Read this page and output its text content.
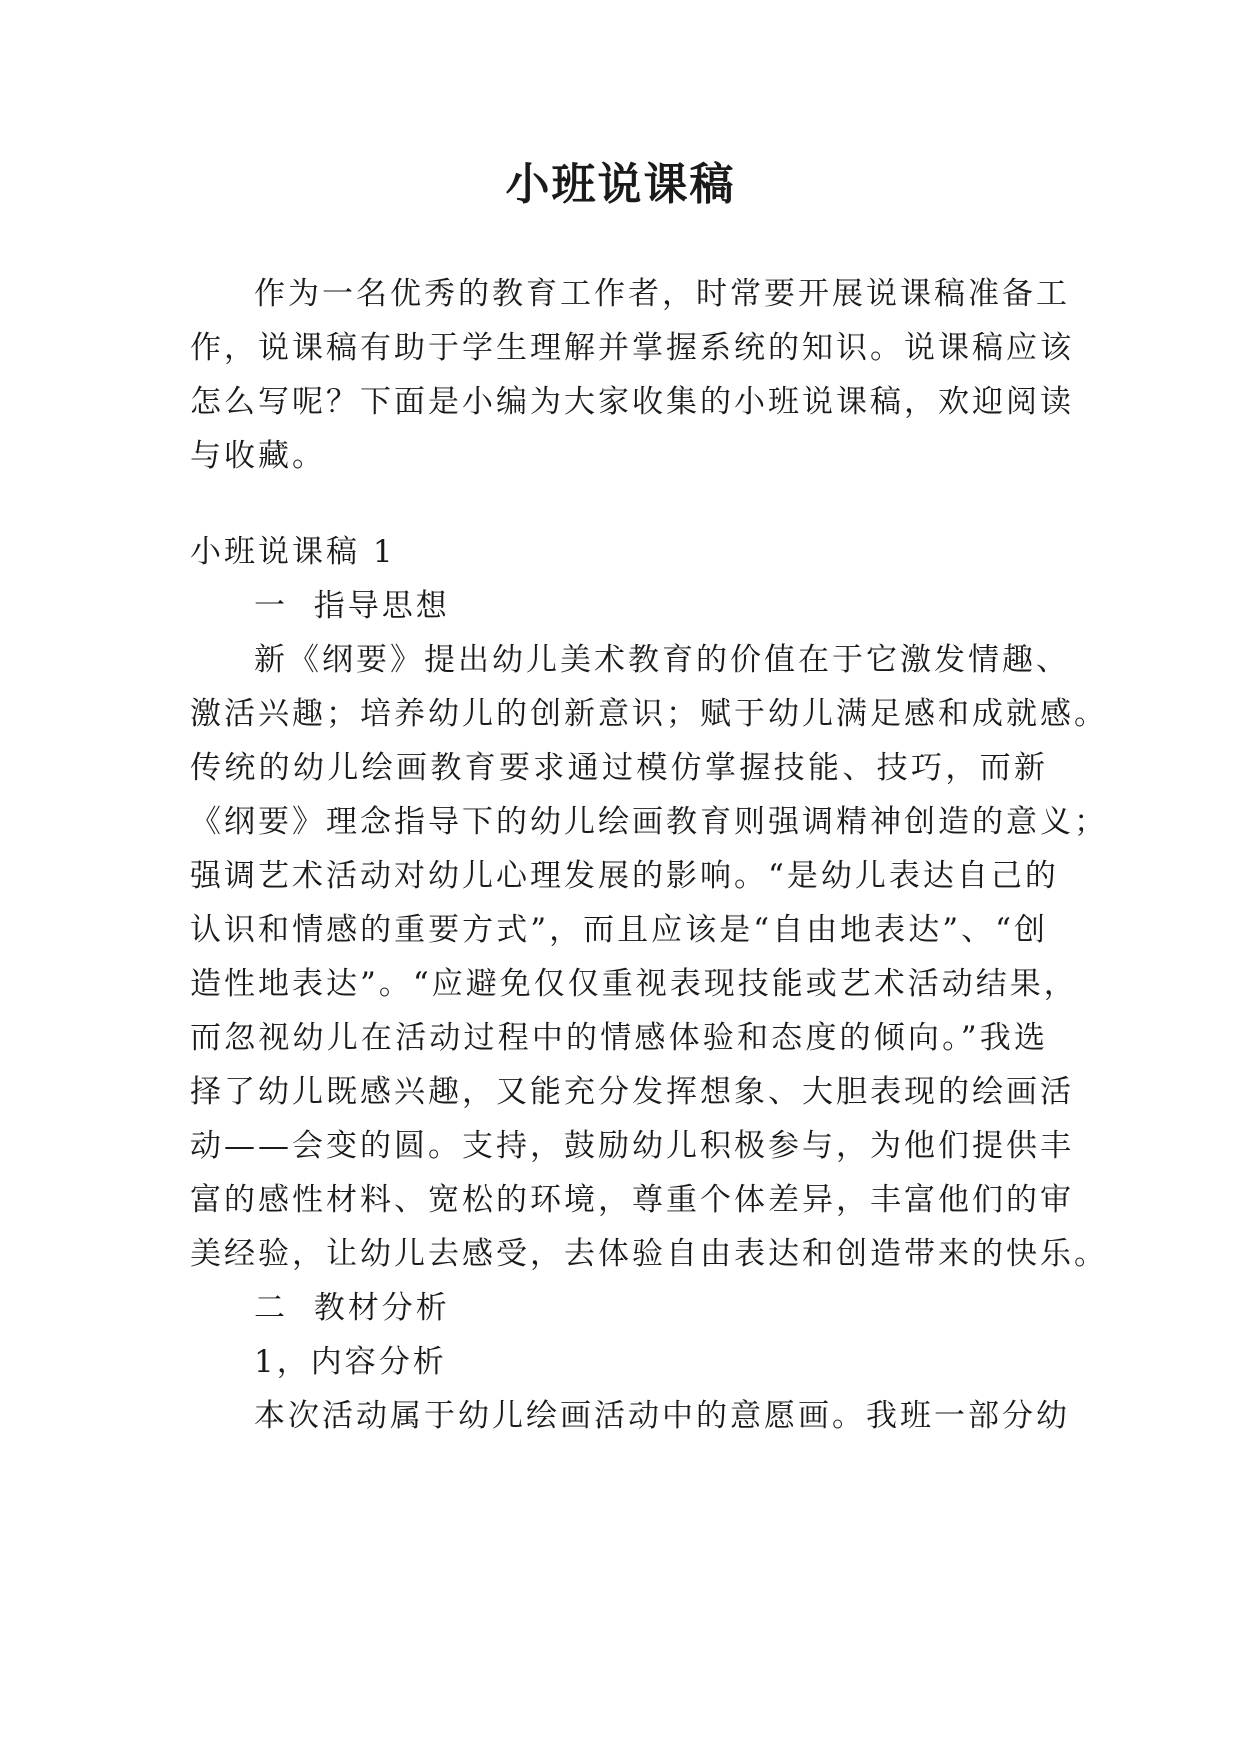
小班说课稿
作为一名优秀的教育工作者，时常要开展说课稿准备工
作，说课稿有助于学生理解并掌握系统的知识。说课稿应该
怎么写呢？下面是小编为大家收集的小班说课稿，欢迎阅读
与收藏。
小班说课稿 1
一  指导思想
新《纲要》提出幼儿美术教育的价值在于它激发情趣、
激活兴趣；培养幼儿的创新意识；赋于幼儿满足感和成就感。
传统的幼儿绘画教育要求通过模仿掌握技能、技巧，而新
《纲要》理念指导下的幼儿绘画教育则强调精神创造的意义；
强调艺术活动对幼儿心理发展的影响。“是幼儿表达自己的
认识和情感的重要方式”，而且应该是“自由地表达”、“创
造性地表达”。“应避免仅仅重视表现技能或艺术活动结果，
而忽视幼儿在活动过程中的情感体验和态度的倾向。”我选
择了幼儿既感兴趣，又能充分发挥想象、大胆表现的绘画活
动——会变的圆。支持，鼓励幼儿积极参与，为他们提供丰
富的感性材料、宽松的环境，尊重个体差异，丰富他们的审
美经验，让幼儿去感受，去体验自由表达和创造带来的快乐。
二  教材分析
1，内容分析
本次活动属于幼儿绘画活动中的意愿画。我班一部分幼
